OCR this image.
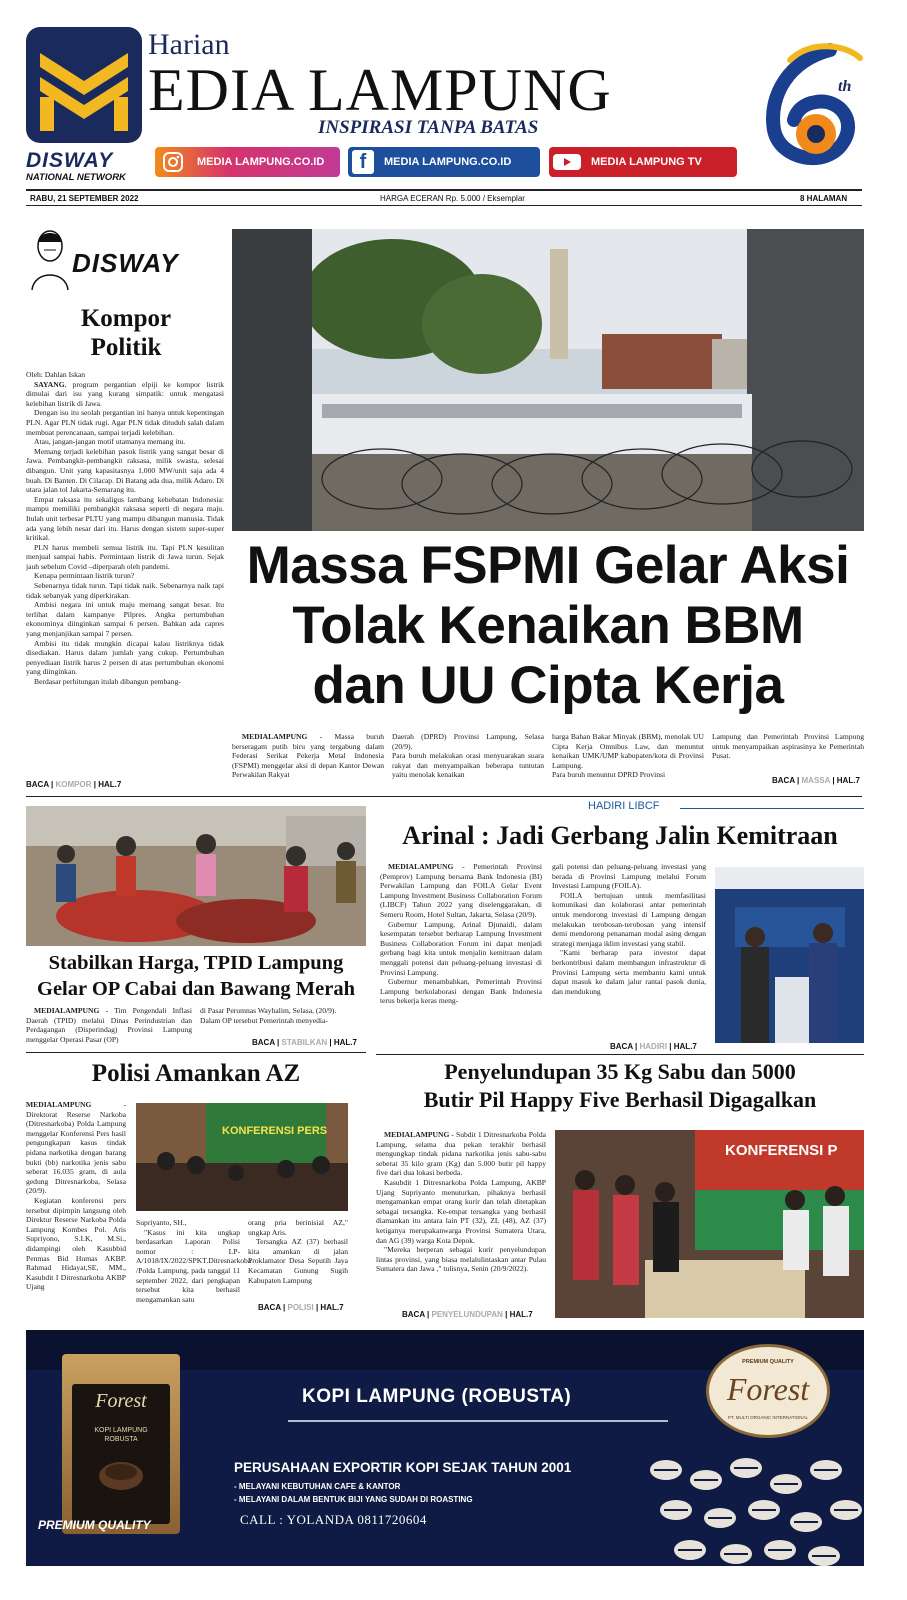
Harian
EDIA LAMPUNG
INSPIRASI TANPA BATAS
th
DISWAY
NATIONAL NETWORK
MEDIA LAMPUNG.CO.ID f MEDIA LAMPUNG.CO.ID	MEDIA LAMPUNG TV
RABU, 21 SEPTEMBER 2022	HARGA ECERAN Rp. 5.000 / Eksemplar	8 HALAMAN
DISWAY
Kompor Politik

Oleh: Dahlan Iskan

SAYANG, program pergantian elpiji ke kompor listrik dimulai dari isu yang kurang simpatik: untuk mengatasi kelebihan listrik di Jawa.

Dengan isu itu seolah pergantian ini hanya untuk kepentingan PLN. Agar PLN tidak rugi. Agar PLN tidak dituduh salah dalam membuat perencanaan, sampai terjadi kelebihan.

Atau, jangan-jangan motif utamanya memang itu.

Memang terjadi kelebihan pasok listrik yang sangat besar di Jawa. Pembangkit-pembangkit raksasa, milik swasta, selesai dibangun. Unit yang kapasitasnya 1.000 MW/unit saja ada 4 buah. Di Banten. Di Cilacap. Di Batang ada dua, milik Adaro. Di utara jalan tol Jakarta-Semarang itu.

Empat raksasa itu sekaligus lambang kehebatan Indonesia: mampu memiliki pembangkit raksasa seperti di negara maju. Itulah unit terbesar PLTU yang mampu dibangun manusia. Tidak ada yang lebih nesar dari itu. Harus dengan sistem super-super kritikal.

PLN harus membeli semua listrik itu. Tapi PLN kesulitan menjual sampai habis. Permintaan listrik di Jawa turun. Sejak jauh sebelum Covid –diperparah oleh pandemi.

Kenapa permintaan listrik turun?

Sebenarnya tidak turun. Tapi tidak naik. Sebenarnya naik tapi tidak sebanyak yang diperkirakan.

Ambisi negara ini untuk maju memang sangat besar. Itu terlihat dalam kampanye Pilpres. Angka pertumbuhan ekonominya diinginkan sampai 6 persen. Bahkan ada capres yang menjanjikan sampai 7 persen.

Ambisi itu tidak mungkin dicapai kalau listriknya tidak disediakan. Harus dalam jumlah yang cukup. Pertumbuhan penyediaan listrik harus 2 persen di atas pertumbuhan ekonomi yang diinginkan.

Berdasar perhitungan itulah dibangun pembang-

BACA | KOMPOR | HAL.7
Massa FSPMI Gelar Aksi
Tolak Kenaikan BBM
dan UU Cipta Kerja

MEDIALAMPUNG - Massa buruh berseragam putih biru yang tergabung dalam Federasi Serikat Pekerja Metal Indonesia (FSPMI) menggelar aksi di depan Kantor Dewan Perwakilan Rakyat

Daerah (DPRD) Provinsi Lampung, Selasa (20/9).
Para buruh melakukan orasi menyuarakan suara rakyat dan menyampaikan beberapa tuntutan yaitu menolak kenaikan
harga Bahan Bakar Minyak (BBM), menolak UU Cipta Kerja Omnibus Law, dan menuntut kenaikan UMK/UMP kabupaten/kota di Provinsi Lampung.
Para buruh menuntut DPRD Provinsi
Lampung dan Pemerintah Provinsi Lampung untuk menyampaikan aspirasinya ke Pemerintah Pusat.
BACA | MASSA | HAL.7
Stabilkan Harga, TPID Lampung
Gelar OP Cabai dan Bawang Merah

MEDIALAMPUNG - Tim Pengendali Inflasi Daerah (TPID) melalui Dinas Perindustrian dan Perdagangan (Disperindag) Provinsi Lampung menggelar Operasi Pasar (OP)

di Pasar Perumnas Wayhalim, Selasa, (20/9).
Dalam OP tersebut Pemerintah menyedia-
BACA | STABILKAN | HAL.7
HADIRI LIBCF
Arinal : Jadi Gerbang Jalin Kemitraan

MEDIALAMPUNG - Pemerintah Provinsi (Pemprov) Lampung bersama Bank Indonesia (BI) Perwakilan Lampung dan FOILA Gelar Event Lampung Investment Business Collaboration Forum (LIBCF) Tahun 2022 yang diselenggarakan, di Semeru Room, Hotel Sultan, Jakarta, Selasa (20/9).

Gubernur Lampung, Arinal Djunaidi, dalam kesempatan tersebut berharap Lampung Investment Business Collaboration Forum ini dapat menjadi gerbang bagi kita untuk menjalin kemitraan dalam menggali potensi dan peluang-peluang investasi di Provinsi Lampung.

Gubernur menambahkan, Pemerintah Provinsi Lampung berkolaborasi dengan Bank Indonesia terus bekerja keras meng-

gali potensi dan peluang-peluang investasi yang berada di Provinsi Lampung melalui Forum Investasi Lampung (FOILA).

FOILA bertujuan untuk memfasilitasi komunikasi dan kolaborasi antar pemerintah untuk mendorong investasi di Lampung dengan melakukan terobosan-terobosan yang intensif demi mendorong penanaman modal asing dengan strategi menjaga iklim investasi yang stabil.

"Kami berharap para investor dapat berkontribusi dalam membangun infrastruktur di Provinsi Lampung serta membantu kami untuk dapat masuk ke dalam jalur rantai pasok dunia, dan mendukung

BACA | HADIRI | HAL.7
Polisi Amankan AZ

MEDIALAMPUNG - Direktorat Reserse Narkoba (Ditresnarkoba) Polda Lampung menggelar Konferensi Pers hasil pengungkapan kasus tindak pidana narkotika dengan barang bukti (bb) narkotika jenis sabu seberat 16.035 gram, di aula gedung Ditresnarkoba, Selasa (20/9).

Kegiatan konferensi pers tersebut dipimpin langsung oleh Direktur Reserse Narkoba Polda Lampung Kombes Pol. Aris Supriyono, S.I.K, M.Si., didampingi oleh Kasubbid Penmas Bid Humas AKBP. Rahmad Hidayat,SE, MM., Kasubdit I Ditresnarkoba AKBP Ujang

KONFERENSI PERS

Supriyanto, SH.,

"Kasus ini kita ungkap berdasarkan Laporan Polisi nomor : LP-A/1018/IX/2022/SPKT.Ditresnarkoba /Polda Lampung, pada tanggal 11 september 2022, dari pengkapan tersebut kita berhasil mengamankan satu

orang pria berinisial AZ," ungkap Aris.

Tersangka AZ (37) berhasil kita amankan di jalan Proklamator Desa Seputih Jaya Kecamatan Gunung Sugih Kabupaten Lampung

BACA | POLISI | HAL.7
Penyelundupan 35 Kg Sabu dan 5000
Butir Pil Happy Five Berhasil Digagalkan

MEDIALAMPUNG - Subdit 1 Ditresnarkoba Polda Lampung, selama dua pekan terakhir berhasil mengungkap tindak pidana narkotika jenis sabu-sabu seberat 35 kilo gram (Kg) dan 5.000 butir pil happy five dari dua lokasi berbeda.

Kasubdit 1 Ditresnarkoba Polda Lampung, AKBP Ujang Supriyanto menuturkan, pihaknya berhasil mengamankan empat orang kurir dan telah ditetapkan sebagai tersangka. Ke-empat tersangka yang berhasil diamankan itu antara lain PT (32), ZL (48), AZ (37) ketiganya merupakanwarga Provinsi Sumatera Utara, dan AG (39) warga Kota Depok.

"Mereka berperan sebagai kurir penyelundupan lintas provinsi, yang biasa melalulintaskan antar Pulau Sumatera dan Jawa ," tulisnya, Senin (20/9/2022).

KONFERENSI P
BACA | PENYELUNDUPAN | HAL.7
Forest
KOPI LAMPUNG ROBUSTA
PREMIUM QUALITY
KOPI LAMPUNG (ROBUSTA)
PREMIUM QUALITY
Forest
PT. MULTI ORGANIC INTERNATIONAL
PERUSAHAAN EXPORTIR KOPI SEJAK TAHUN 2001
- MELAYANI KEBUTUHAN CAFE & KANTOR
- MELAYANI DALAM BENTUK BIJI YANG SUDAH DI ROASTING
CALL : YOLANDA 0811720604
